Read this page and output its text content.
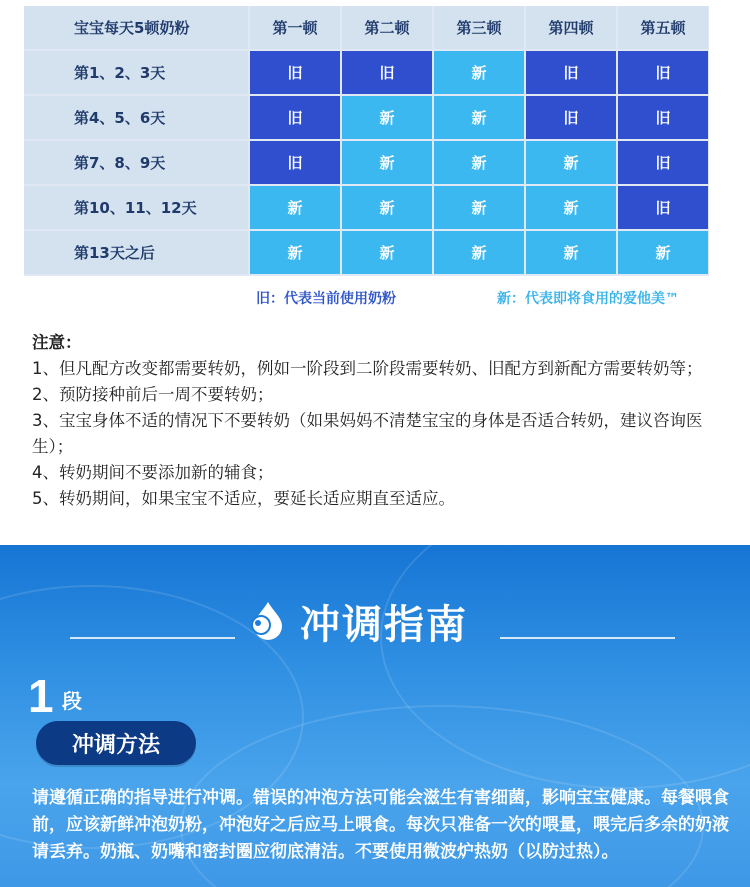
宝宝每天5顿奶粉	第一顿	第二顿	第三顿	第四顿	第五顿
第1、2、3天	旧	旧	新	旧	旧
第4、5、6天	旧	新	新	旧	旧
第7、8、9天	旧	新	新	新	旧
第10、11、12天	新	新	新	新	旧
第13天之后	新	新	新	新	新
旧：代表当前使用奶粉	新：代表即将食用的爱他美™

注意：

1、但凡配方改变都需要转奶，例如一阶段到二阶段需要转奶、旧配方到新配方需要转奶等；

2、预防接种前后一周不要转奶；

3、宝宝身体不适的情况下不要转奶（如果妈妈不清楚宝宝的身体是否适合转奶，建议咨询医生）；

4、转奶期间不要添加新的辅食；

5、转奶期间，如果宝宝不适应，要延长适应期直至适应。

冲调指南
1 段
冲调方法
请遵循正确的指导进行冲调。错误的冲泡方法可能会滋生有害细菌，影响宝宝健康。每餐喂食前，应该新鲜冲泡奶粉，冲泡好之后应马上喂食。每次只准备一次的喂量，喂完后多余的奶液请丢弃。奶瓶、奶嘴和密封圈应彻底清洁。不要使用微波炉热奶（以防过热）。
